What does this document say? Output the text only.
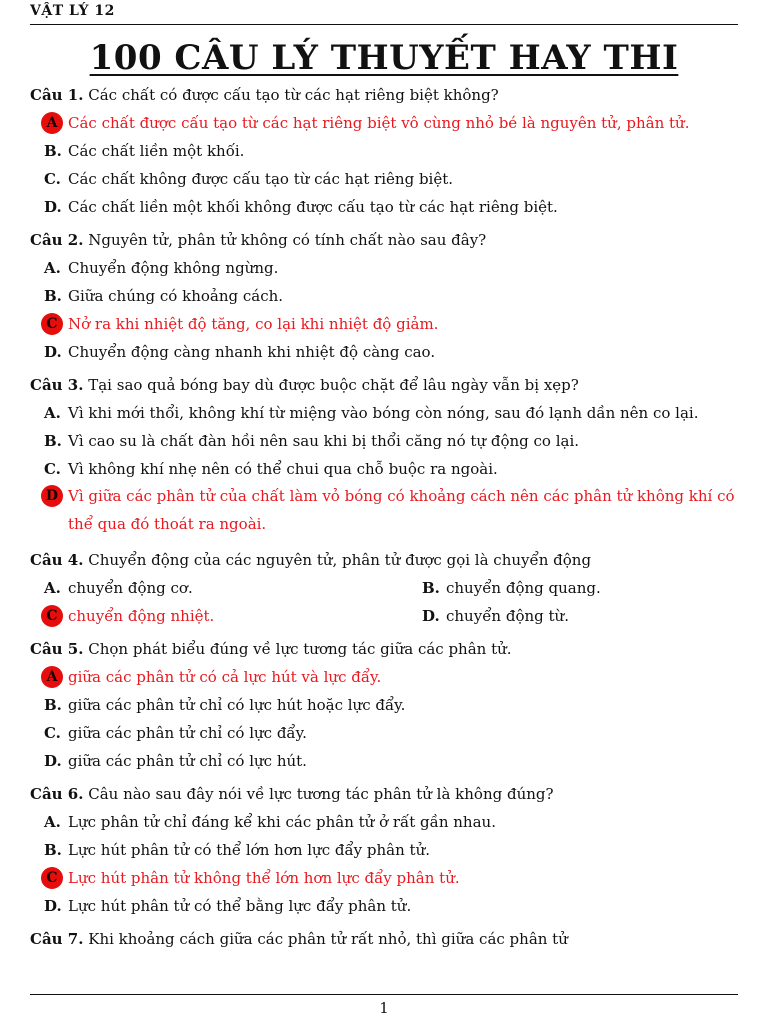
VẬT LÝ 12
100 CÂU LÝ THUYẾT HAY THI
Câu 1. Các chất có được cấu tạo từ các hạt riêng biệt không?
A Các chất được cấu tạo từ các hạt riêng biệt vô cùng nhỏ bé là nguyên tử, phân tử.
B. Các chất liền một khối.
C. Các chất không được cấu tạo từ các hạt riêng biệt.
D. Các chất liền một khối không được cấu tạo từ các hạt riêng biệt.
Câu 2. Nguyên tử, phân tử không có tính chất nào sau đây?
A. Chuyển động không ngừng.
B. Giữa chúng có khoảng cách.
C Nở ra khi nhiệt độ tăng, co lại khi nhiệt độ giảm.
D. Chuyển động càng nhanh khi nhiệt độ càng cao.
Câu 3. Tại sao quả bóng bay dù được buộc chặt để lâu ngày vẫn bị xẹp?
A. Vì khi mới thổi, không khí từ miệng vào bóng còn nóng, sau đó lạnh dần nên co lại.
B. Vì cao su là chất đàn hồi nên sau khi bị thổi căng nó tự động co lại.
C. Vì không khí nhẹ nên có thể chui qua chỗ buộc ra ngoài.
D Vì giữa các phân tử của chất làm vỏ bóng có khoảng cách nên các phân tử không khí có thể qua đó thoát ra ngoài.
Câu 4. Chuyển động của các nguyên tử, phân tử được gọi là chuyển động
A. chuyển động cơ.	B. chuyển động quang.
C chuyển động nhiệt.	D. chuyển động từ.
Câu 5. Chọn phát biểu đúng về lực tương tác giữa các phân tử.
A giữa các phân tử có cả lực hút và lực đẩy.
B. giữa các phân tử chỉ có lực hút hoặc lực đẩy.
C. giữa các phân tử chỉ có lực đẩy.
D. giữa các phân tử chỉ có lực hút.
Câu 6. Câu nào sau đây nói về lực tương tác phân tử là không đúng?
A. Lực phân tử chỉ đáng kể khi các phân tử ở rất gần nhau.
B. Lực hút phân tử có thể lớn hơn lực đẩy phân tử.
C Lực hút phân tử không thể lớn hơn lực đẩy phân tử.
D. Lực hút phân tử có thể bằng lực đẩy phân tử.
Câu 7. Khi khoảng cách giữa các phân tử rất nhỏ, thì giữa các phân tử
1
